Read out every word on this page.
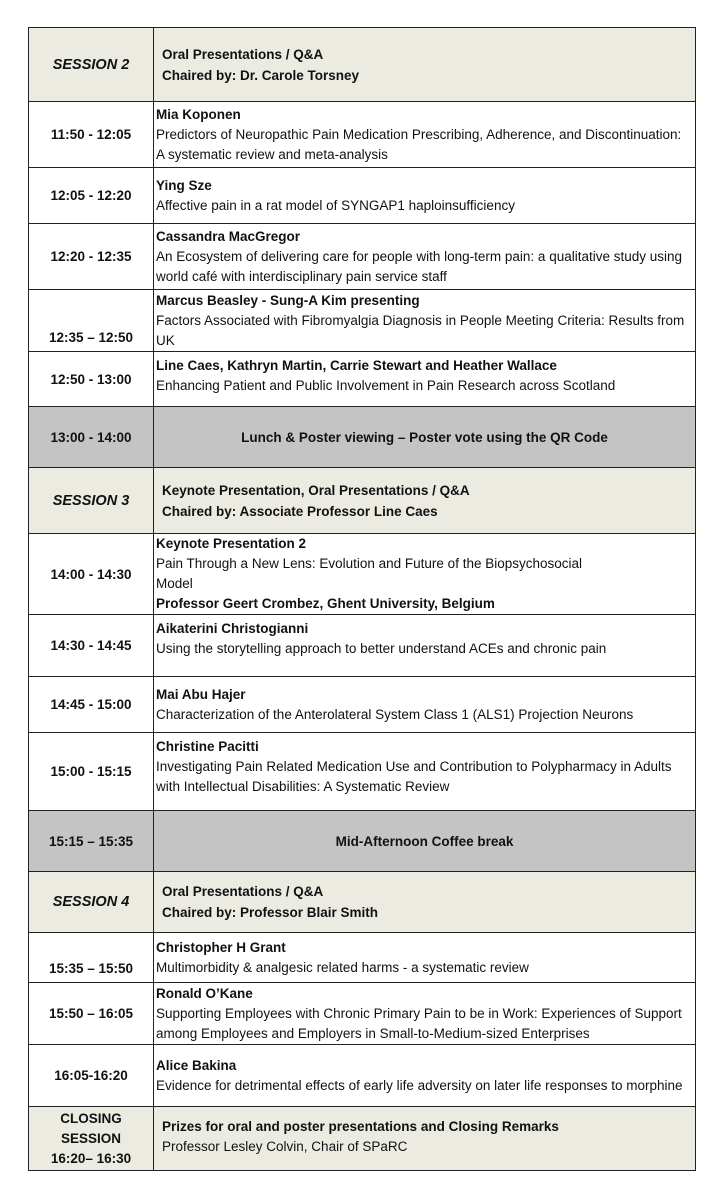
SESSION 2	Oral Presentations / Q&A
Chaired by: Dr. Carole Torsney

11:50 - 12:05	Mia Koponen
Predictors of Neuropathic Pain Medication Prescribing, Adherence, and Discontinuation: A systematic review and meta-analysis

12:05 - 12:20	Ying Sze
Affective pain in a rat model of SYNGAP1 haploinsufficiency

12:20 - 12:35	Cassandra MacGregor
An Ecosystem of delivering care for people with long-term pain: a qualitative study using world café with interdisciplinary pain service staff

12:35 – 12:50	Marcus Beasley - Sung-A Kim presenting
Factors Associated with Fibromyalgia Diagnosis in People Meeting Criteria: Results from UK

12:50 - 13:00	Line Caes, Kathryn Martin, Carrie Stewart and Heather Wallace
Enhancing Patient and Public Involvement in Pain Research across Scotland

13:00 - 14:00	Lunch & Poster viewing – Poster vote using the QR Code
SESSION 3	Keynote Presentation, Oral Presentations / Q&A
Chaired by: Associate Professor Line Caes

14:00 - 14:30	Keynote Presentation 2
Pain Through a New Lens: Evolution and Future of the Biopsychosocial Model
Professor Geert Crombez, Ghent University, Belgium

14:30 - 14:45	Aikaterini Christogianni
Using the storytelling approach to better understand ACEs and chronic pain

14:45 - 15:00	Mai Abu Hajer
Characterization of the Anterolateral System Class 1 (ALS1) Projection Neurons

15:00 - 15:15	Christine Pacitti
Investigating Pain Related Medication Use and Contribution to Polypharmacy in Adults with Intellectual Disabilities: A Systematic Review

15:15 – 15:35	Mid-Afternoon Coffee break
SESSION 4	Oral Presentations / Q&A
Chaired by: Professor Blair Smith

15:35 – 15:50	Christopher H Grant
Multimorbidity & analgesic related harms - a systematic review

15:50 – 16:05	Ronald O’Kane
Supporting Employees with Chronic Primary Pain to be in Work: Experiences of Support among Employees and Employers in Small-to-Medium-sized Enterprises

16:05-16:20	Alice Bakina
Evidence for detrimental effects of early life adversity on later life responses to morphine

CLOSING
SESSION
16:20– 16:30	Prizes for oral and poster presentations and Closing Remarks
Professor Lesley Colvin, Chair of SPaRC
